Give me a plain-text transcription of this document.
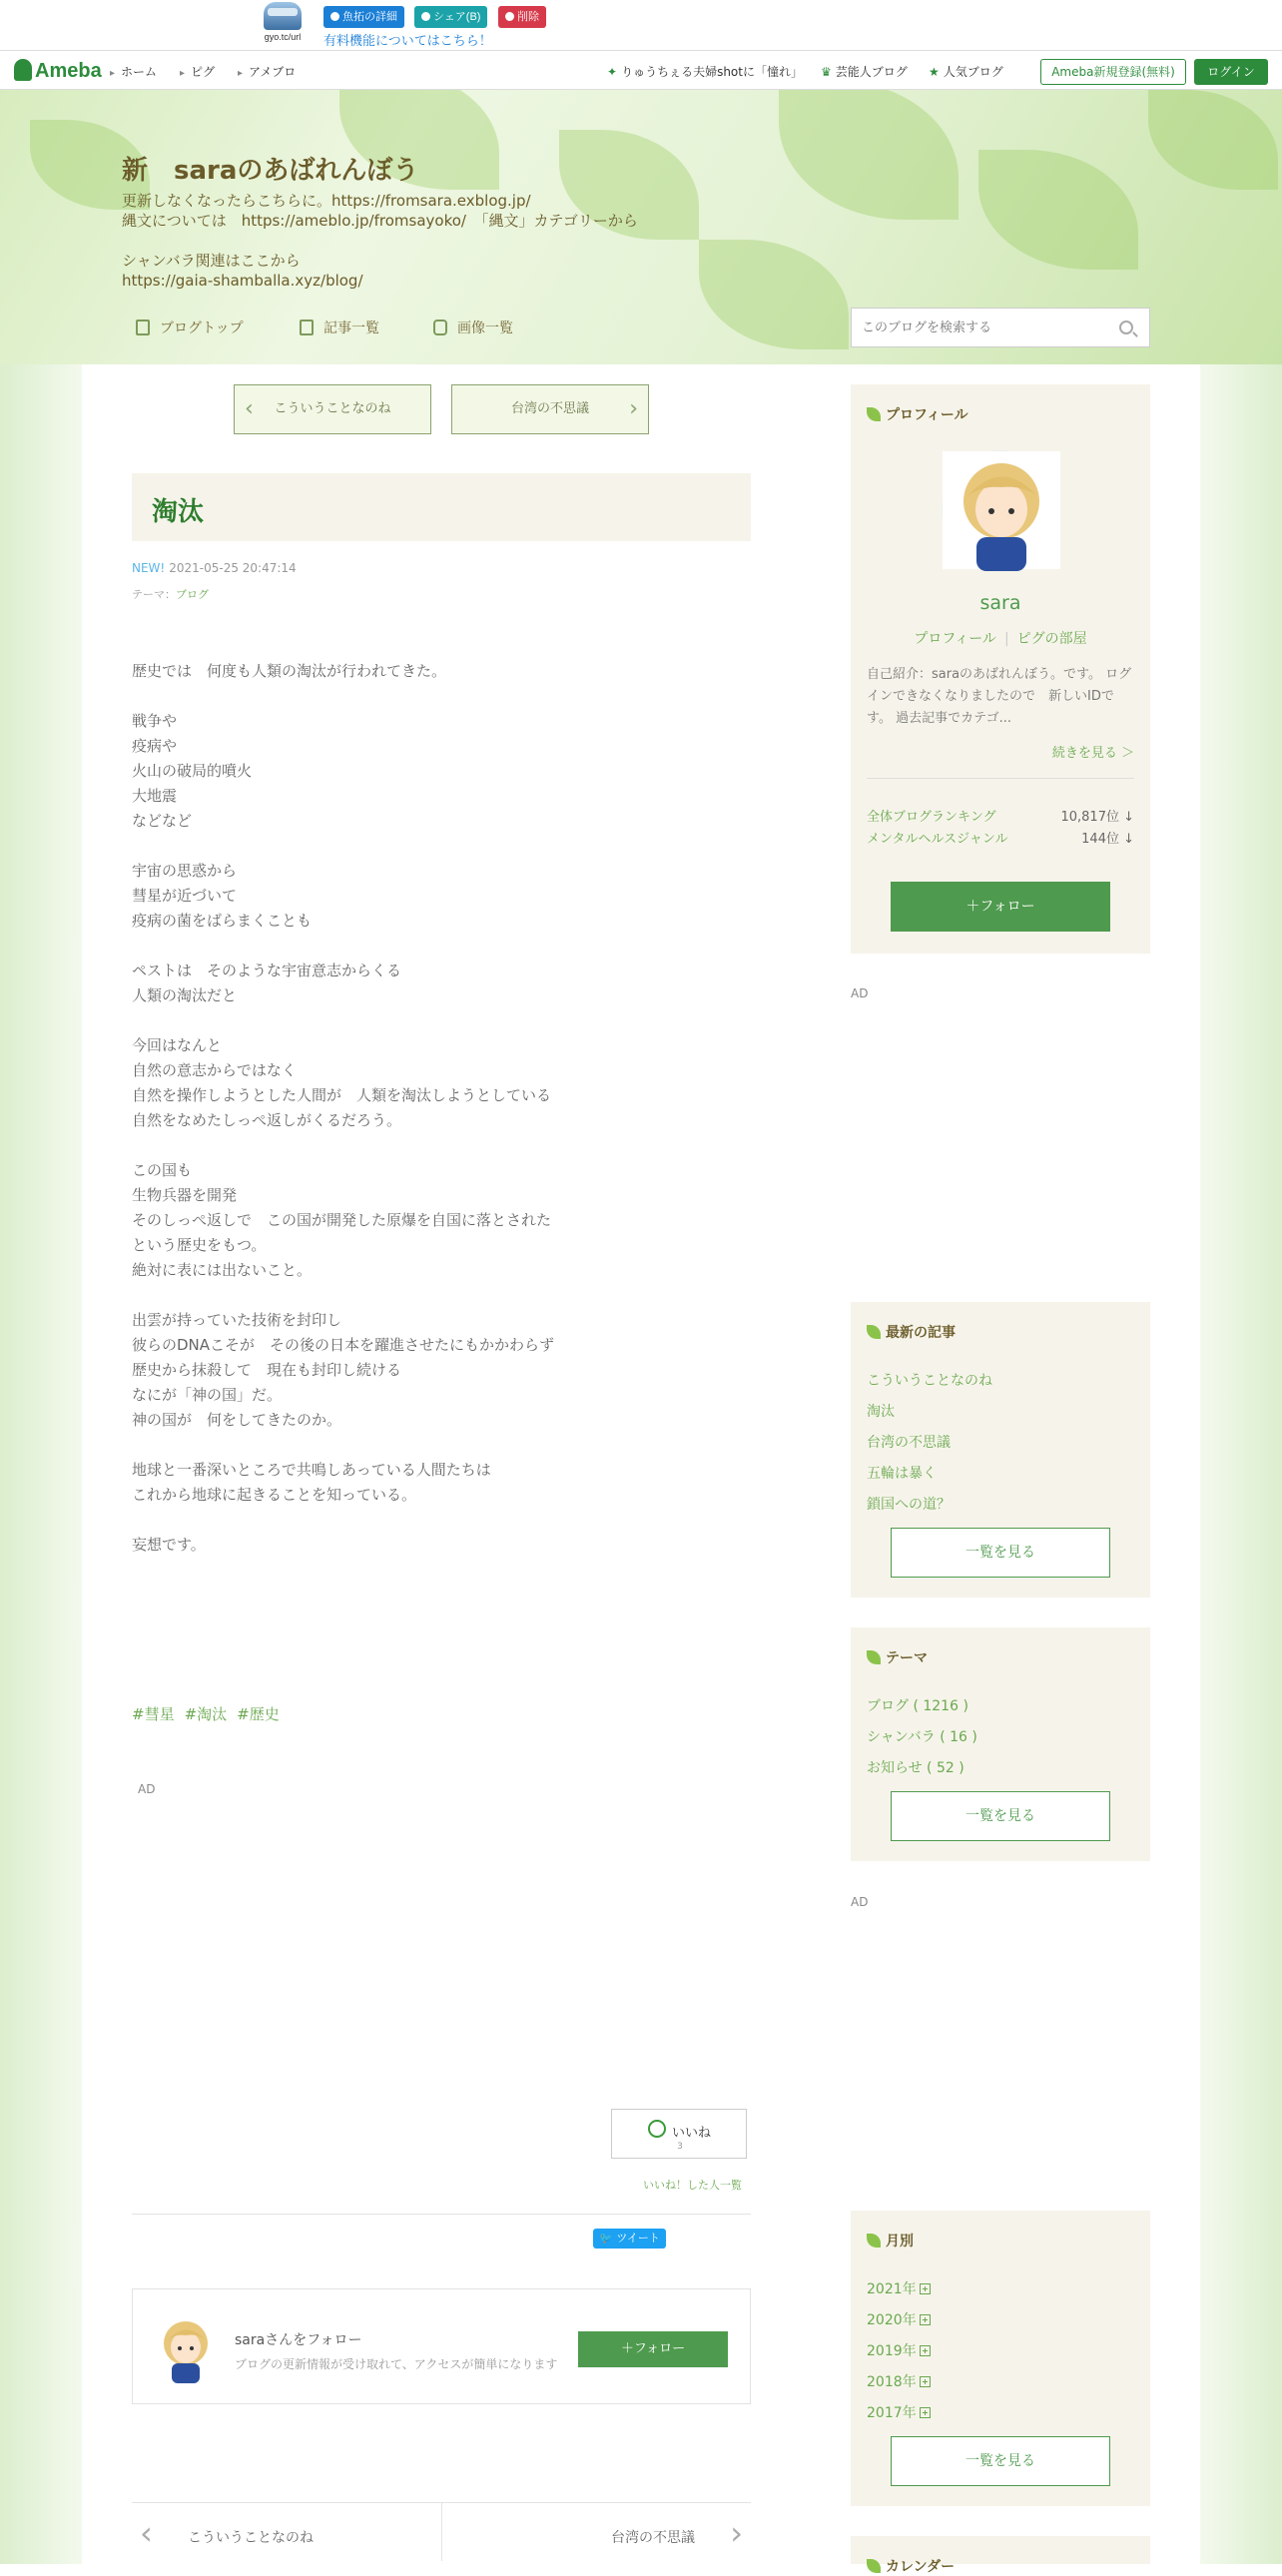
gyo.tc/url
魚拓の詳細	シェア(B)	削除
有料機能についてはこちら！
Ameba	▸ ホーム	▸ ピグ	▸ アメブロ	✦ りゅうちぇる夫婦shotに「憧れ」 ♛ 芸能人ブログ ★ 人気ブログ	Ameba新規登録(無料)	ログイン
新　saraのあばれんぼう
更新しなくなったらこちらに。https://fromsara.exblog.jp/
縄文については　https://ameblo.jp/fromsayoko/　「縄文」カテゴリーから
シャンバラ関連はここから
https://gaia-shamballa.xyz/blog/
ブログトップ	記事一覧	画像一覧
このブログを検索する
‹ こういうことなのね	台湾の不思議 ›
淘汰
NEW! 2021-05-25 20:47:14
テーマ：ブログ
歴史では　何度も人類の淘汰が行われてきた。
戦争や
疫病や
火山の破局的噴火
大地震
などなど
宇宙の思惑から
彗星が近づいて
疫病の菌をばらまくことも
ペストは　そのような宇宙意志からくる
人類の淘汰だと
今回はなんと
自然の意志からではなく
自然を操作しようとした人間が　人類を淘汰しようとしている
自然をなめたしっぺ返しがくるだろう。
この国も
生物兵器を開発
そのしっぺ返しで　この国が開発した原爆を自国に落とされた
という歴史をもつ。
絶対に表には出ないこと。
出雲が持っていた技術を封印し
彼らのDNAこそが　その後の日本を躍進させたにもかかわらず
歴史から抹殺して　現在も封印し続ける
なにが「神の国」だ。
神の国が　何をしてきたのか。
地球と一番深いところで共鳴しあっている人間たちは
これから地球に起きることを知っている。
妄想です。
#彗星 #淘汰 #歴史
AD
いいね
3
いいね！した人一覧
🐦 ツイート
saraさんをフォロー
ブログの更新情報が受け取れて、アクセスが簡単になります
＋フォロー
‹	こういうことなのね	台湾の不思議 ›
プロフィール
sara
プロフィール | ピグの部屋
自己紹介：saraのあばれんぼう。です。 ログインできなくなりましたので　新しいIDです。 過去記事でカテゴ...
続きを見る ＞
全体ブログランキング	10,817位 ↓
メンタルヘルスジャンル	144位 ↓
＋フォロー
AD
最新の記事
こういうことなのね
淘汰
台湾の不思議
五輪は暴く
鎖国への道？
一覧を見る
テーマ
ブログ ( 1216 )
シャンバラ ( 16 )
お知らせ ( 52 )
一覧を見る
AD
月別
2021年
2020年
2019年
2018年
2017年
一覧を見る
カレンダー
